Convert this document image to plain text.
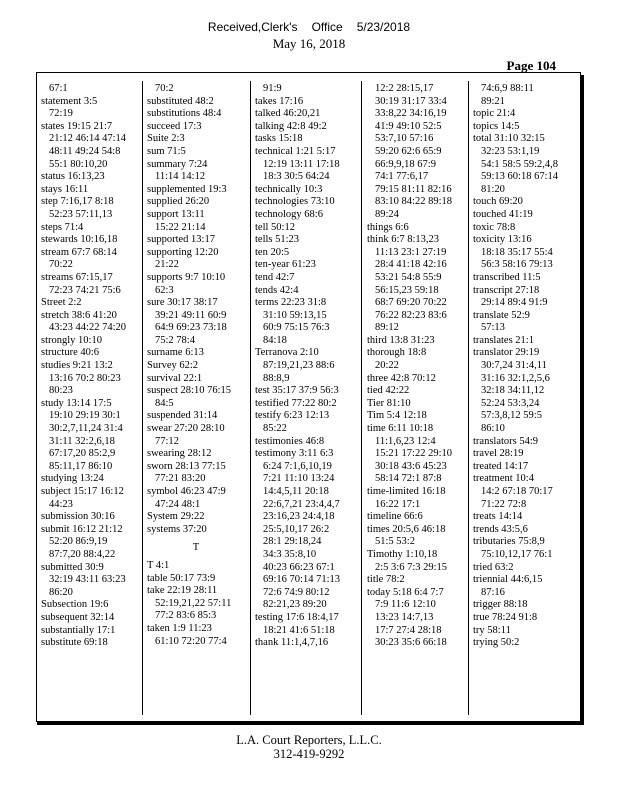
Received,Clerk's Office 5/23/2018
May 16, 2018
Page 104
67:1
statement 3:5
72:19
states 19:15 21:7
21:12 46:14 47:14
48:11 49:24 54:8
55:1 80:10,20
status 16:13,23
stays 16:11
step 7:16,17 8:18
52:23 57:11,13
steps 71:4
stewards 10:16,18
stream 67:7 68:14
70:22
streams 67:15,17
72:23 74:21 75:6
Street 2:2
stretch 38:6 41:20
43:23 44:22 74:20
strongly 10:10
structure 40:6
studies 9:21 13:2
13:16 70:2 80:23
80:23
study 13:14 17:5
19:10 29:19 30:1
30:2,7,11,24 31:4
31:11 32:2,6,18
67:17,20 85:2,9
85:11,17 86:10
studying 13:24
subject 15:17 16:12
44:23
submission 30:16
submit 16:12 21:12
52:20 86:9,19
87:7,20 88:4,22
submitted 30:9
32:19 43:11 63:23
86:20
Subsection 19:6
subsequent 32:14
substantially 17:1
substitute 69:18
70:2
substituted 48:2
substitutions 48:4
succeed 17:3
Suite 2:3
sum 71:5
summary 7:24
11:14 14:12
supplemented 19:3
supplied 26:20
support 13:11
15:22 21:14
supported 13:17
supporting 12:20
21:22
supports 9:7 10:10
62:3
sure 30:17 38:17
39:21 49:11 60:9
64:9 69:23 73:18
75:2 78:4
surname 6:13
Survey 62:2
survival 22:1
suspect 28:10 76:15
84:5
suspended 31:14
swear 27:20 28:10
77:12
swearing 28:12
sworn 28:13 77:15
77:21 83:20
symbol 46:23 47:9
47:24 48:1
System 29:22
systems 37:20
T
T 4:1
table 50:17 73:9
take 22:19 28:11
52:19,21,22 57:11
77:2 83:6 85:3
taken 1:9 11:23
61:10 72:20 77:4
91:9
takes 17:16
talked 46:20,21
talking 42:8 49:2
tasks 15:18
technical 1:21 5:17
12:19 13:11 17:18
18:3 30:5 64:24
technically 10:3
technologies 73:10
technology 68:6
tell 50:12
tells 51:23
ten 20:5
ten-year 61:23
tend 42:7
tends 42:4
terms 22:23 31:8
31:10 59:13,15
60:9 75:15 76:3
84:18
Terranova 2:10
87:19,21,23 88:6
88:8,9
test 35:17 37:9 56:3
testified 77:22 80:2
testify 6:23 12:13
85:22
testimonies 46:8
testimony 3:11 6:3
6:24 7:1,6,10,19
7:21 11:10 13:24
14:4,5,11 20:18
22:6,7,21 23:4,4,7
23:16,23 24:4,18
25:5,10,17 26:2
28:1 29:18,24
34:3 35:8,10
40:23 66:23 67:1
69:16 70:14 71:13
72:6 74:9 80:12
82:21,23 89:20
testing 17:6 18:4,17
18:21 41:6 51:18
thank 11:1,4,7,16
12:2 28:15,17
30:19 31:17 33:4
33:8,22 34:16,19
41:9 49:10 52:5
53:7,10 57:16
59:20 62:6 65:9
66:9,9,18 67:9
74:1 77:6,17
79:15 81:11 82:16
83:10 84:22 89:18
89:24
things 6:6
think 6:7 8:13,23
11:13 23:1 27:19
28:4 41:18 42:16
53:21 54:8 55:9
56:15,23 59:18
68:7 69:20 70:22
76:22 82:23 83:6
89:12
third 13:8 31:23
thorough 18:8
20:22
three 42:8 70:12
tied 42:22
Tier 81:10
Tim 5:4 12:18
time 6:11 10:18
11:1,6,23 12:4
15:21 17:22 29:10
30:18 43:6 45:23
58:14 72:1 87:8
time-limited 16:18
16:22 17:1
timeline 66:6
times 20:5,6 46:18
51:5 53:2
Timothy 1:10,18
2:5 3:6 7:3 29:15
title 78:2
today 5:18 6:4 7:7
7:9 11:6 12:10
13:23 14:7,13
17:7 27:4 28:18
30:23 35:6 66:18
74:6,9 88:11
89:21
topic 21:4
topics 14:5
total 31:10 32:15
32:23 53:1,19
54:1 58:5 59:2,4,8
59:13 60:18 67:14
81:20
touch 69:20
touched 41:19
toxic 78:8
toxicity 13:16
18:18 35:17 55:4
56:3 58:16 79:13
transcribed 11:5
transcript 27:18
29:14 89:4 91:9
translate 52:9
57:13
translates 21:1
translator 29:19
30:7,24 31:4,11
31:16 32:1,2,5,6
32:18 34:11,12
52:24 53:3,24
57:3,8,12 59:5
86:10
translators 54:9
travel 28:19
treated 14:17
treatment 10:4
14:2 67:18 70:17
71:22 72:8
treats 14:14
trends 43:5,6
tributaries 75:8,9
75:10,12,17 76:1
tried 63:2
triennial 44:6,15
87:16
trigger 88:18
true 78:24 91:8
try 58:11
trying 50:2
L.A. Court Reporters, L.L.C.
312-419-9292
